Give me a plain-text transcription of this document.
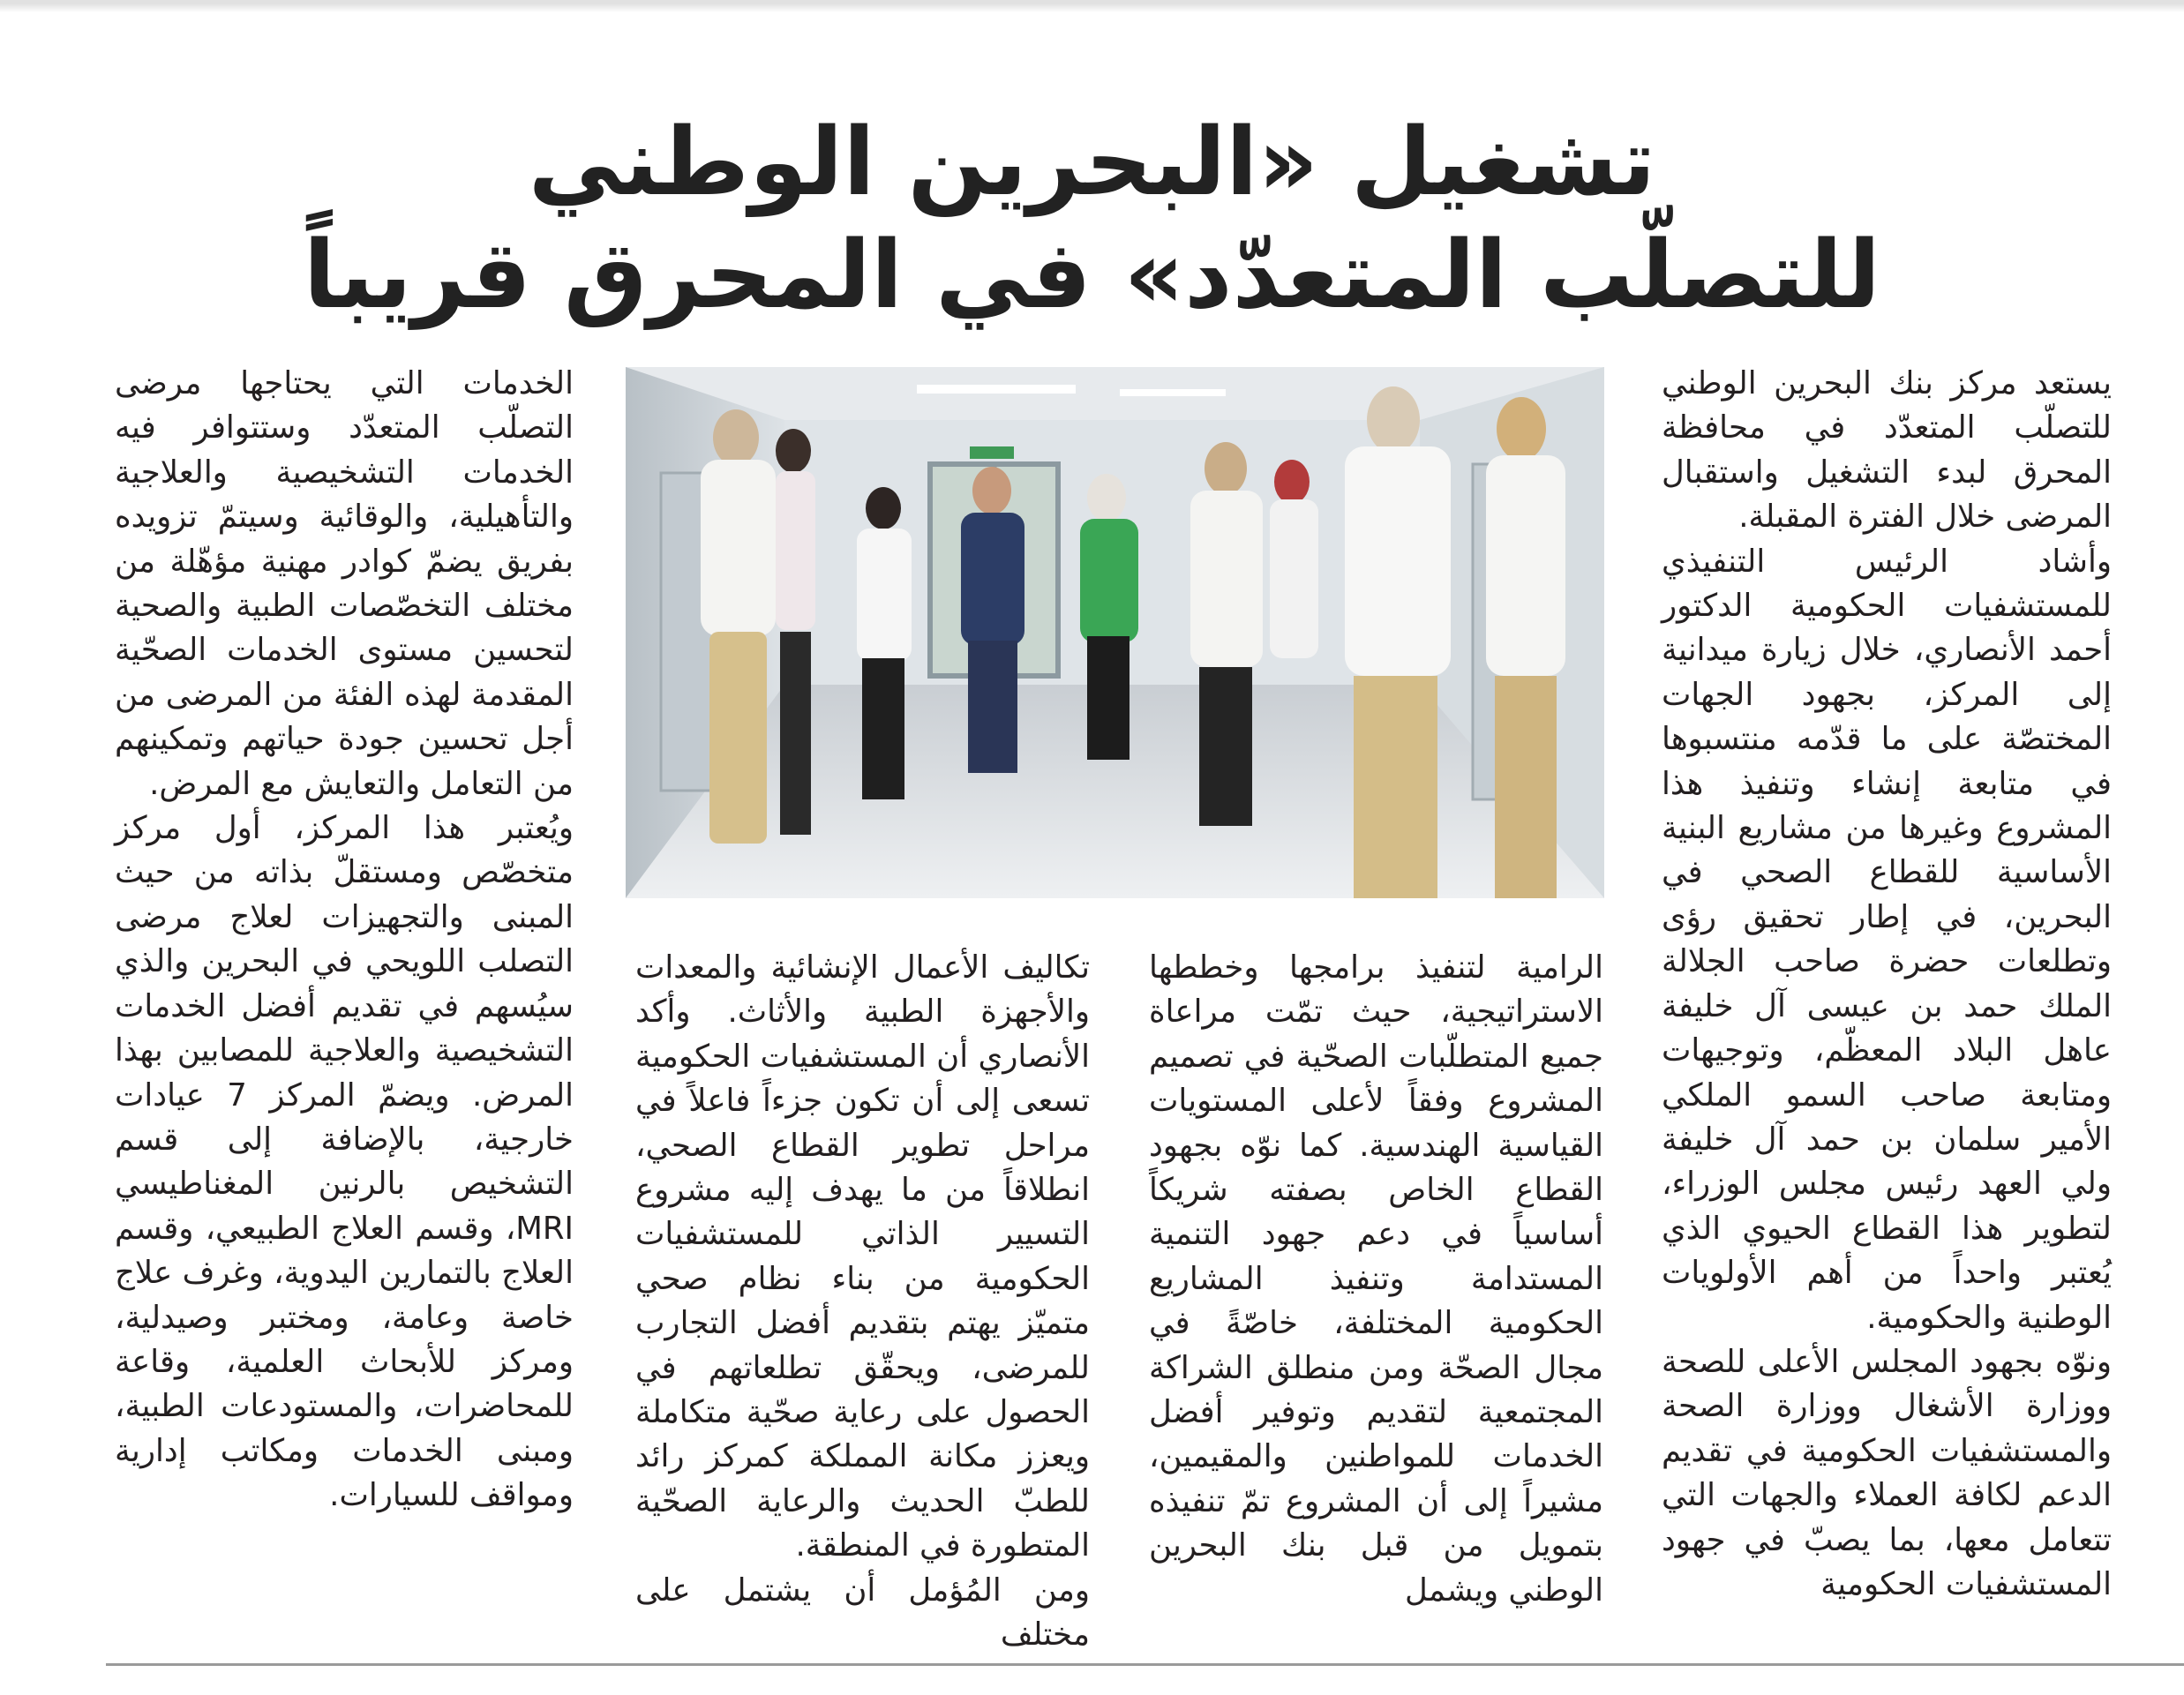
تشغيل «البحرين الوطني
للتصلّب المتعدّد» في المحرق قريباً

يستعد مركز بنك البحرين الوطني للتصلّب المتعدّد في محافظة المحرق لبدء التشغيل واستقبال المرضى خلال الفترة المقبلة.

وأشاد الرئيس التنفيذي للمستشفيات الحكومية الدكتور أحمد الأنصاري، خلال زيارة ميدانية إلى المركز، بجهود الجهات المختصّة على ما قدّمه منتسبوها في متابعة إنشاء وتنفيذ هذا المشروع وغيرها من مشاريع البنية الأساسية للقطاع الصحي في البحرين، في إطار تحقيق رؤى وتطلعات حضرة صاحب الجلالة الملك حمد بن عيسى آل خليفة عاهل البلاد المعظّم، وتوجيهات ومتابعة صاحب السمو الملكي الأمير سلمان بن حمد آل خليفة ولي العهد رئيس مجلس الوزراء، لتطوير هذا القطاع الحيوي الذي يُعتبر واحداً من أهم الأولويات الوطنية والحكومية.

ونوّه بجهود المجلس الأعلى للصحة ووزارة الأشغال ووزارة الصحة والمستشفيات الحكومية في تقديم الدعم لكافة العملاء والجهات التي تتعامل معها، بما يصبّ في جهود المستشفيات الحكومية

الرامية لتنفيذ برامجها وخططها الاستراتيجية، حيث تمّت مراعاة جميع المتطلّبات الصحّية في تصميم المشروع وفقاً لأعلى المستويات القياسية الهندسية. كما نوّه بجهود القطاع الخاص بصفته شريكاً أساسياً في دعم جهود التنمية المستدامة وتنفيذ المشاريع الحكومية المختلفة، خاصّةً في مجال الصحّة ومن منطلق الشراكة المجتمعية لتقديم وتوفير أفضل الخدمات للمواطنين والمقيمين، مشيراً إلى أن المشروع تمّ تنفيذه بتمويل من قبل بنك البحرين الوطني ويشمل

تكاليف الأعمال الإنشائية والمعدات والأجهزة الطبية والأثاث. وأكد الأنصاري أن المستشفيات الحكومية تسعى إلى أن تكون جزءاً فاعلاً في مراحل تطوير القطاع الصحي، انطلاقاً من ما يهدف إليه مشروع التسيير الذاتي للمستشفيات الحكومية من بناء نظام صحي متميّز يهتم بتقديم أفضل التجارب للمرضى، ويحقّق تطلعاتهم في الحصول على رعاية صحّية متكاملة ويعزز مكانة المملكة كمركز رائد للطبّ الحديث والرعاية الصحّية المتطورة في المنطقة.

ومن المُؤمل أن يشتمل على مختلف

الخدمات التي يحتاجها مرضى التصلّب المتعدّد وستتوافر فيه الخدمات التشخيصية والعلاجية والتأهيلية، والوقائية وسيتمّ تزويده بفريق يضمّ كوادر مهنية مؤهّلة من مختلف التخصّصات الطبية والصحية لتحسين مستوى الخدمات الصحّية المقدمة لهذه الفئة من المرضى من أجل تحسين جودة حياتهم وتمكينهم من التعامل والتعايش مع المرض.

ويُعتبر هذا المركز، أول مركز متخصّص ومستقلّ بذاته من حيث المبنى والتجهيزات لعلاج مرضى التصلب اللويحي في البحرين والذي سيُسهم في تقديم أفضل الخدمات التشخيصية والعلاجية للمصابين بهذا المرض. ويضمّ المركز 7 عيادات خارجية، بالإضافة إلى قسم التشخيص بالرنين المغناطيسي MRI، وقسم العلاج الطبيعي، وقسم العلاج بالتمارين اليدوية، وغرف علاج خاصة وعامة، ومختبر وصيدلية، ومركز للأبحاث العلمية، وقاعة للمحاضرات، والمستودعات الطبية، ومبنى الخدمات ومكاتب إدارية ومواقف للسيارات.
